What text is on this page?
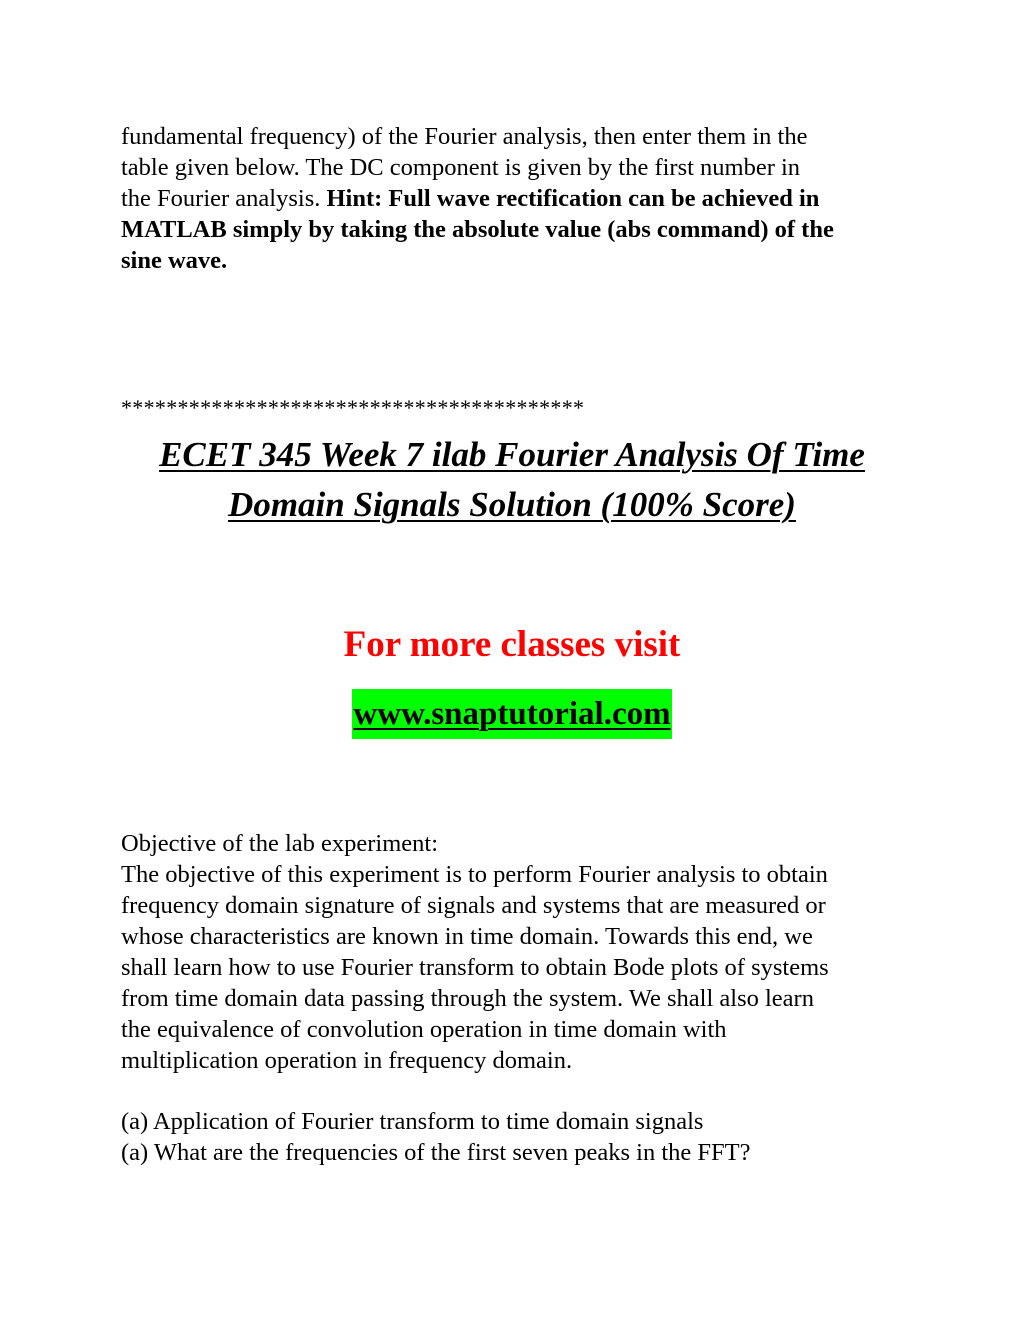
fundamental frequency) of the Fourier analysis, then enter them in the
table given below. The DC component is given by the first number in
the Fourier analysis. Hint: Full wave rectification can be achieved in
MATLAB simply by taking the absolute value (abs command) of the
sine wave.
*****************************************
ECET 345 Week 7 ilab Fourier Analysis Of Time
Domain Signals Solution (100% Score)
For more classes visit
www.snaptutorial.com
Objective of the lab experiment:
The objective of this experiment is to perform Fourier analysis to obtain
frequency domain signature of signals and systems that are measured or
whose characteristics are known in time domain. Towards this end, we
shall learn how to use Fourier transform to obtain Bode plots of systems
from time domain data passing through the system. We shall also learn
the equivalence of convolution operation in time domain with
multiplication operation in frequency domain.
(a) Application of Fourier transform to time domain signals
(a) What are the frequencies of the first seven peaks in the FFT?
